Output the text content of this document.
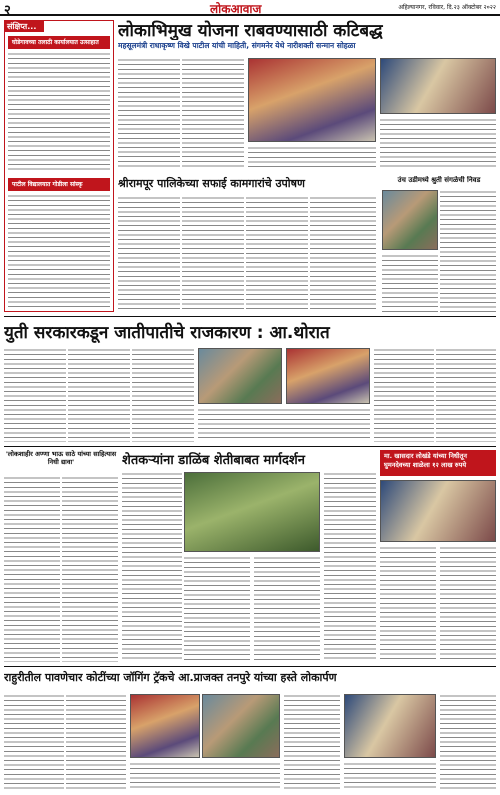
२	लोकआवाज	अहिल्यानगर, रविवार, दि.२३ ऑक्टोबर २०२२
संक्षिप्त...
घोडेगावच्या तलाठी कार्यालयात उत्साहात
पाटील विद्यालयात गोडीला सांस्कृ
लोकाभिमुख योजना राबवण्यासाठी कटिबद्ध
महसूलमंत्री राधाकृष्ण विखे पाटील यांची माहिती, संगमनेर येथे नारीशक्ती सन्मान सोहळा
श्रीरामपूर पालिकेच्या सफाई कामगारांचे उपोषण	उंच उडीमध्ये श्रुती संगळेची निवड
युती सरकारकडून जातीपातीचे राजकारण : आ.थोरात
'लोकशाहीर अण्णा भाऊ साठे यांच्या साहित्यास निधी द्यावा'	शेतकऱ्यांना डाळिंब शेतीबाबत मार्गदर्शन	मा. खासदार लोखंडे यांच्या निधीतून घुमनदेवच्या शाळेला १२ लाख रुपये
राहुरीतील पावणेचार कोटींच्या जॉगिंग ट्रॅकचे आ.प्राजक्त तनपुरे यांच्या हस्ते लोकार्पण
